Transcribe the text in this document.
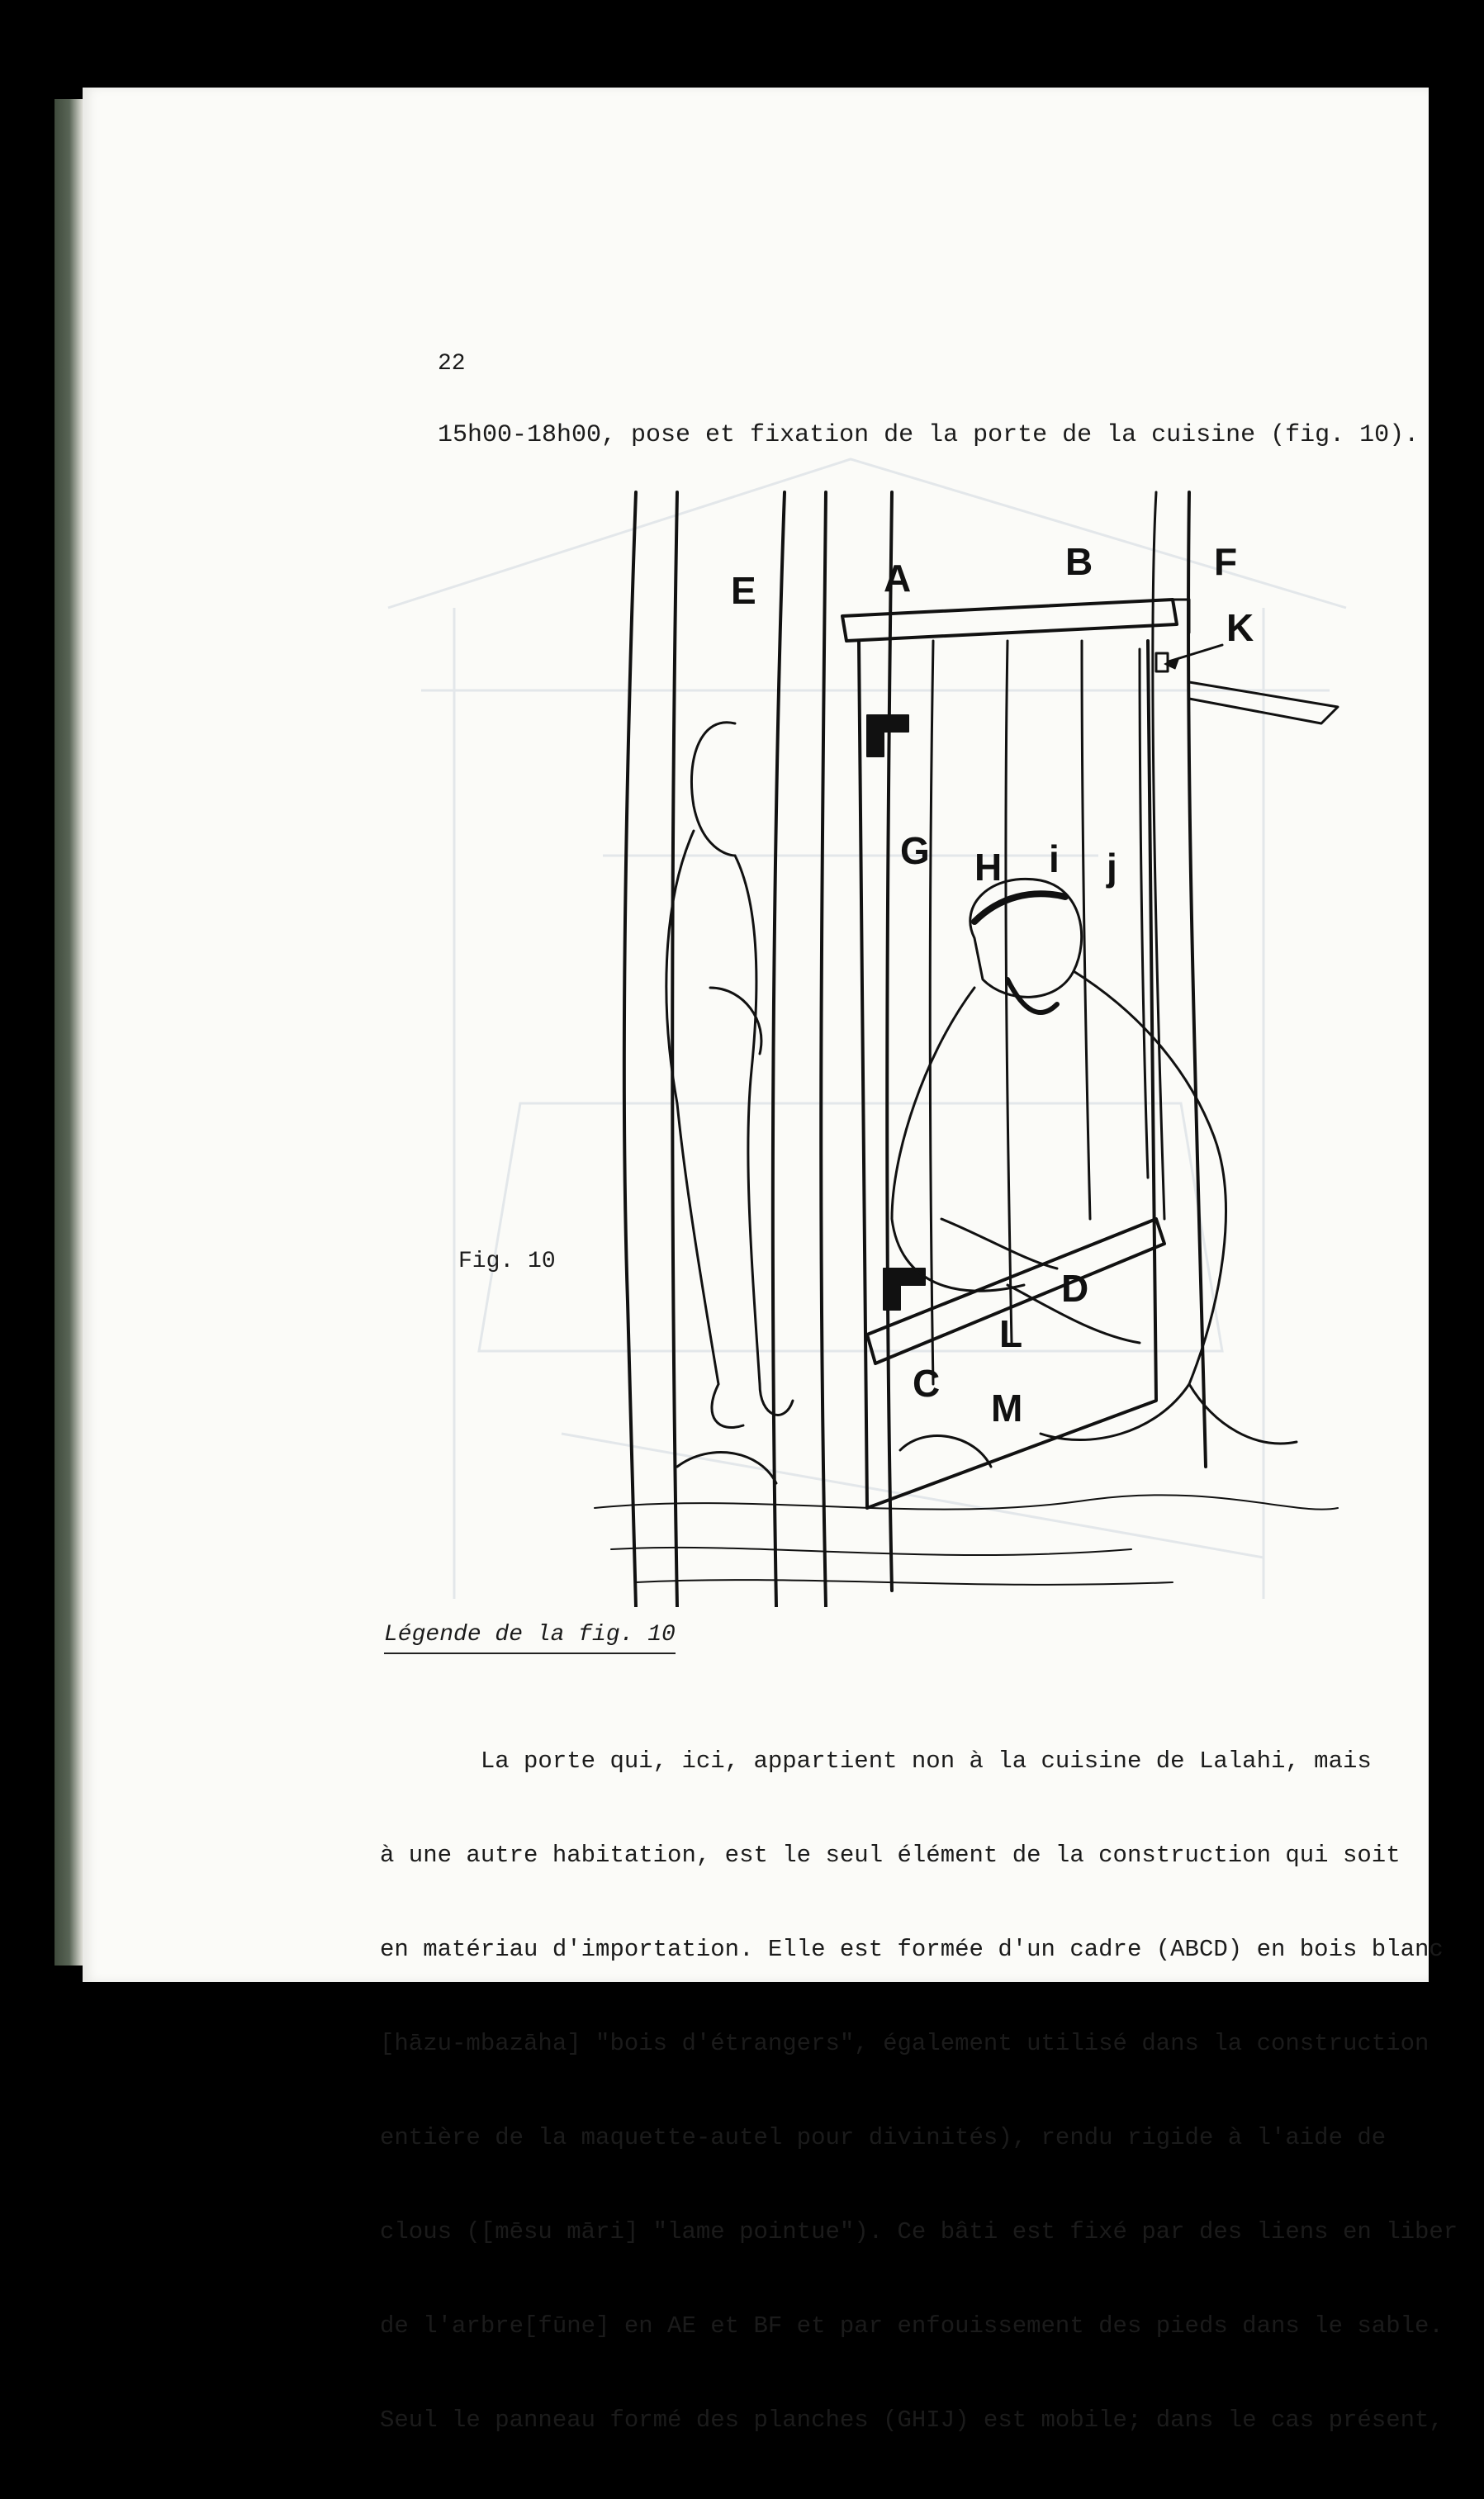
22
15h00-18h00, pose et fixation de la porte de la cuisine (fig. 10).
E	A	B	F
K
G H i j
D
L
C
M
Fig. 10
Légende de la fig. 10

La porte qui, ici, appartient non à la cuisine de Lalahi, mais

à une autre habitation, est le seul élément de la construction qui soit

en matériau d'importation. Elle est formée d'un cadre (ABCD) en bois blanc

[hāzu-mbazāha] "bois d'étrangers", également utilisé dans la construction

entière de la maquette-autel pour divinités), rendu rigide à l'aide de

clous ([mēsu māri] "lame pointue"). Ce bâti est fixé par des liens en liber

de l'arbre[fūne] en AE et BF et par enfouissement des pieds dans le sable.

Seul le panneau formé des planches (GHIJ) est mobile; dans le cas présent,
